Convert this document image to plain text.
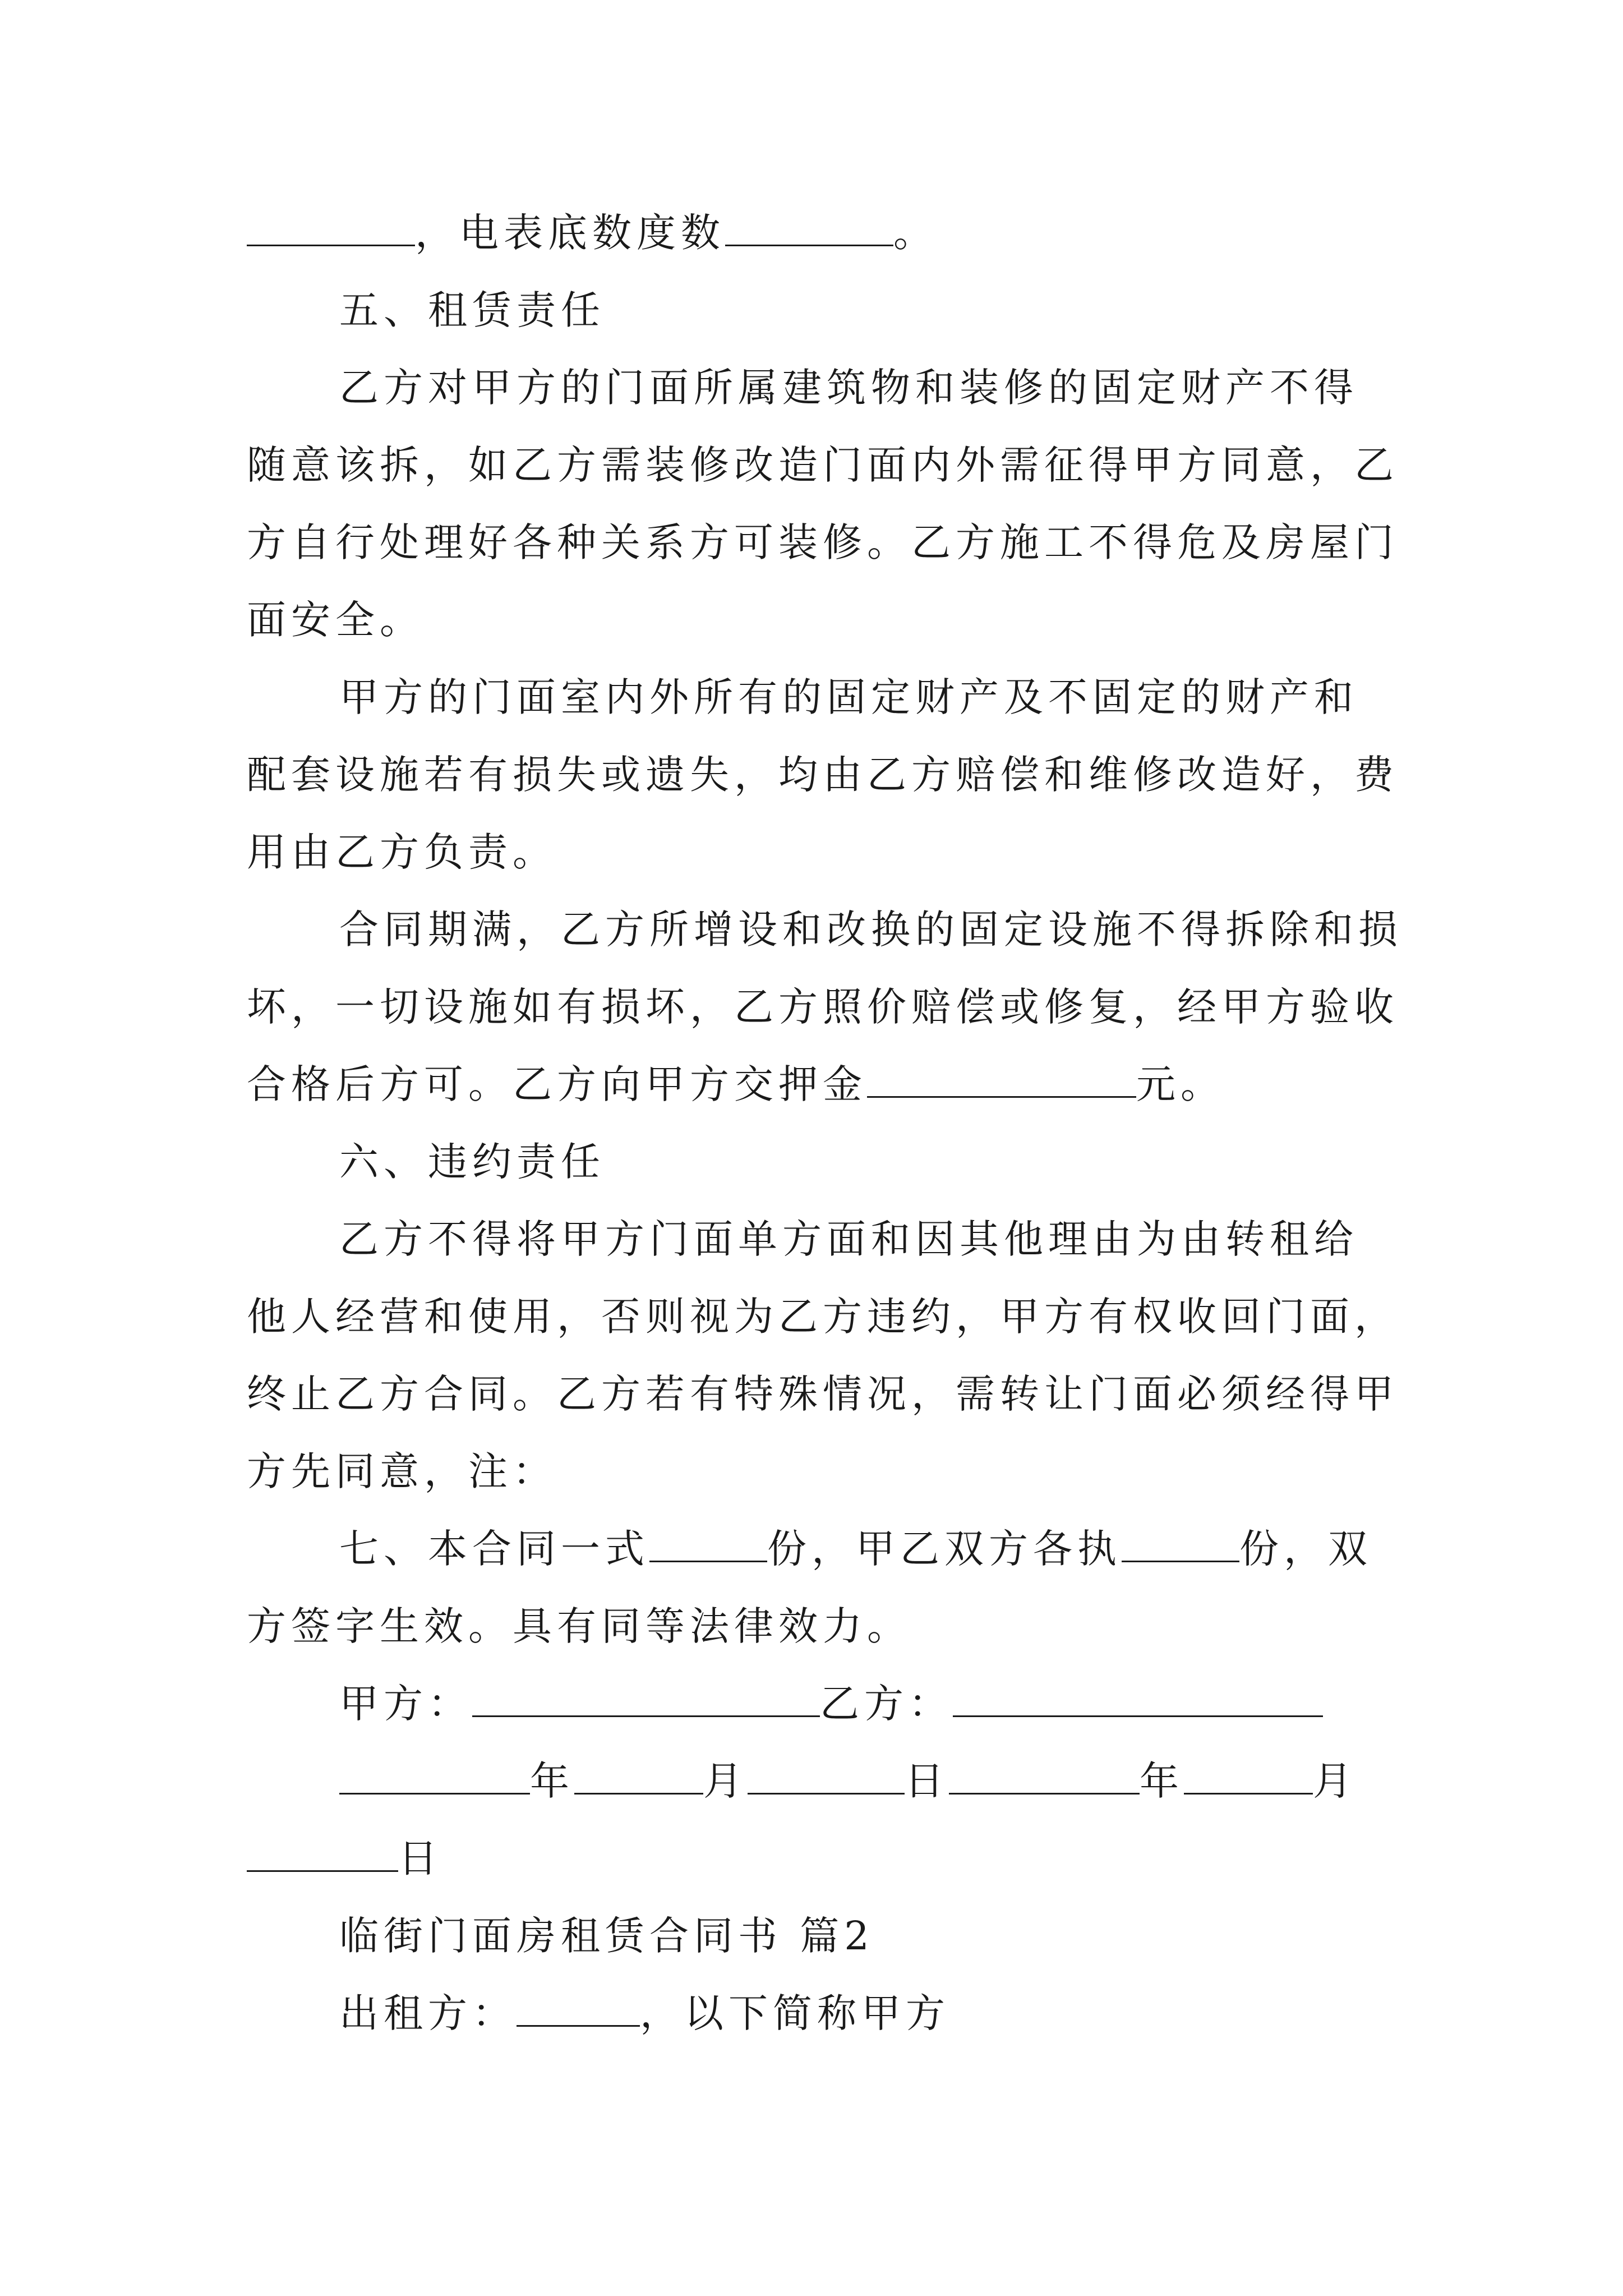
，电表底数度数	。
五、租赁责任
乙方对甲方的门面所属建筑物和装修的固定财产不得
随意该拆，如乙方需装修改造门面内外需征得甲方同意，乙
方自行处理好各种关系方可装修。乙方施工不得危及房屋门
面安全。
甲方的门面室内外所有的固定财产及不固定的财产和
配套设施若有损失或遗失，均由乙方赔偿和维修改造好，费
用由乙方负责。
合同期满，乙方所增设和改换的固定设施不得拆除和损
坏，一切设施如有损坏，乙方照价赔偿或修复，经甲方验收
合格后方可。乙方向甲方交押金	元。
六、违约责任
乙方不得将甲方门面单方面和因其他理由为由转租给
他人经营和使用，否则视为乙方违约，甲方有权收回门面，
终止乙方合同。乙方若有特殊情况，需转让门面必须经得甲
方先同意，注：
七、本合同一式	份，甲乙双方各执	份，双
方签字生效。具有同等法律效力。
甲方：	乙方：
年	月	日	年	月
日
临街门面房租赁合同书 篇2
出租方：	，以下简称甲方
